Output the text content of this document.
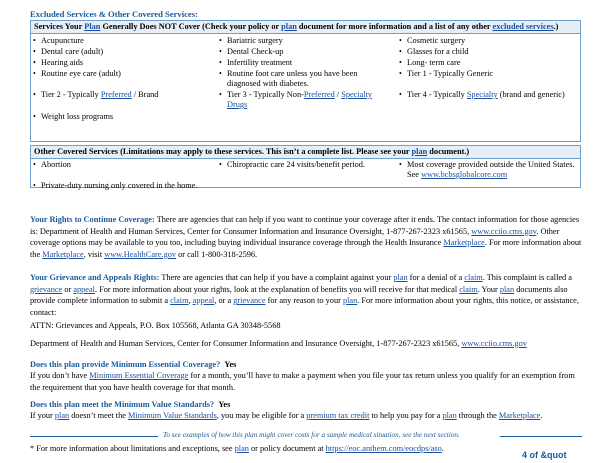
Excluded Services & Other Covered Services:
Services Your Plan Generally Does NOT Cover (Check your policy or plan document for more information and a list of any other excluded services.)
• Acupuncture
• Dental care (adult)
• Hearing aids
• Routine eye care (adult)
• Tier 2 - Typically Preferred / Brand
• Weight loss programs
• Bariatric surgery
• Dental Check-up
• Infertility treatment
• Routine foot care unless you have been diagnosed with diabetes.
• Tier 3 - Typically Non-Preferred / Specialty Drugs
• Cosmetic surgery
• Glasses for a child
• Long- term care
• Tier 1 - Typically Generic
• Tier 4 - Typically Specialty (brand and generic)
Other Covered Services (Limitations may apply to these services. This isn’t a complete list. Please see your plan document.)
• Abortion	• Chiropractic care 24 visits/benefit period.	• Most coverage provided outside the United States. See www.bcbsglobalcore.com
• Private-duty nursing only covered in the home.
Your Rights to Continue Coverage: There are agencies that can help if you want to continue your coverage after it ends. The contact information for those agencies is: Department of Health and Human Services, Center for Consumer Information and Insurance Oversight, 1-877-267-2323 x61565, www.cciio.cms.gov. Other coverage options may be available to you too, including buying individual insurance coverage through the Health Insurance Marketplace. For more information about the Marketplace, visit www.HealthCare.gov or call 1-800-318-2596.
Your Grievance and Appeals Rights: There are agencies that can help if you have a complaint against your plan for a denial of a claim. This complaint is called a grievance or appeal. For more information about your rights, look at the explanation of benefits you will receive for that medical claim. Your plan documents also provide complete information to submit a claim, appeal, or a grievance for any reason to your plan. For more information about your rights, this notice, or assistance, contact:
ATTN: Grievances and Appeals, P.O. Box 105568, Atlanta GA 30348-5568
Department of Health and Human Services, Center for Consumer Information and Insurance Oversight, 1-877-267-2323 x61565, www.cciio.cms.gov
Does this plan provide Minimum Essential Coverage? Yes
If you don’t have Minimum Essential Coverage for a month, you’ll have to make a payment when you file your tax return unless you qualify for an exemption from the requirement that you have health coverage for that month.
Does this plan meet the Minimum Value Standards? Yes
If your plan doesn’t meet the Minimum Value Standards, you may be eligible for a premium tax credit to help you pay for a plan through the Marketplace.
To see examples of how this plan might cover costs for a sample medical situation, see the next section.
* For more information about limitations and exceptions, see plan or policy document at https://eoc.anthem.com/eocdps/aso.
4 of &quot
